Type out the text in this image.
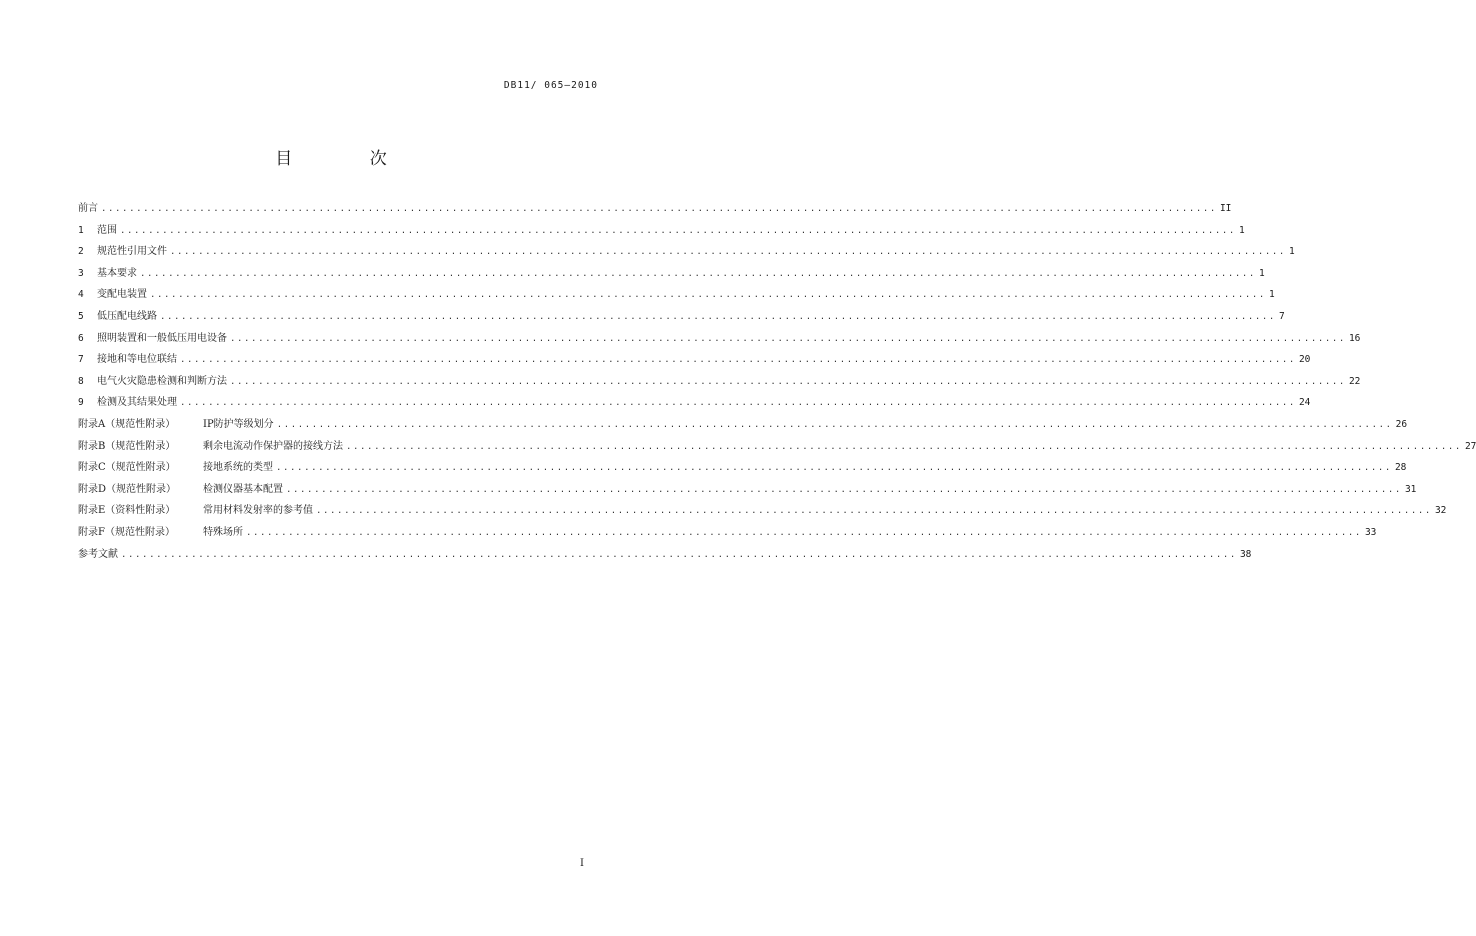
DB11/ 065—2010
目 次
前言 ............................................................................................................................................................... II
1 范围 ............................................................................................................................................................... 1
2 规范性引用文件 ............................................................................................................................................................... 1
3 基本要求 ............................................................................................................................................................... 1
4 变配电装置 ............................................................................................................................................................... 1
5 低压配电线路 ............................................................................................................................................................... 7
6 照明装置和一般低压用电设备 ............................................................................................................................................................... 16
7 接地和等电位联结 ............................................................................................................................................................... 20
8 电气火灾隐患检测和判断方法 ............................................................................................................................................................... 22
9 检测及其结果处理 ............................................................................................................................................................... 24
附录A（规范性附录）	IP防护等级划分 ............................................................................................................................................................... 26
附录B（规范性附录）	剩余电流动作保护器的接线方法 ............................................................................................................................................................... 27
附录C（规范性附录）	接地系统的类型 ............................................................................................................................................................... 28
附录D（规范性附录）	检测仪器基本配置 ............................................................................................................................................................... 31
附录E（资料性附录）	常用材料发射率的参考值 ............................................................................................................................................................... 32
附录F（规范性附录）	特殊场所 ............................................................................................................................................................... 33
参考文献 ............................................................................................................................................................... 38
I
